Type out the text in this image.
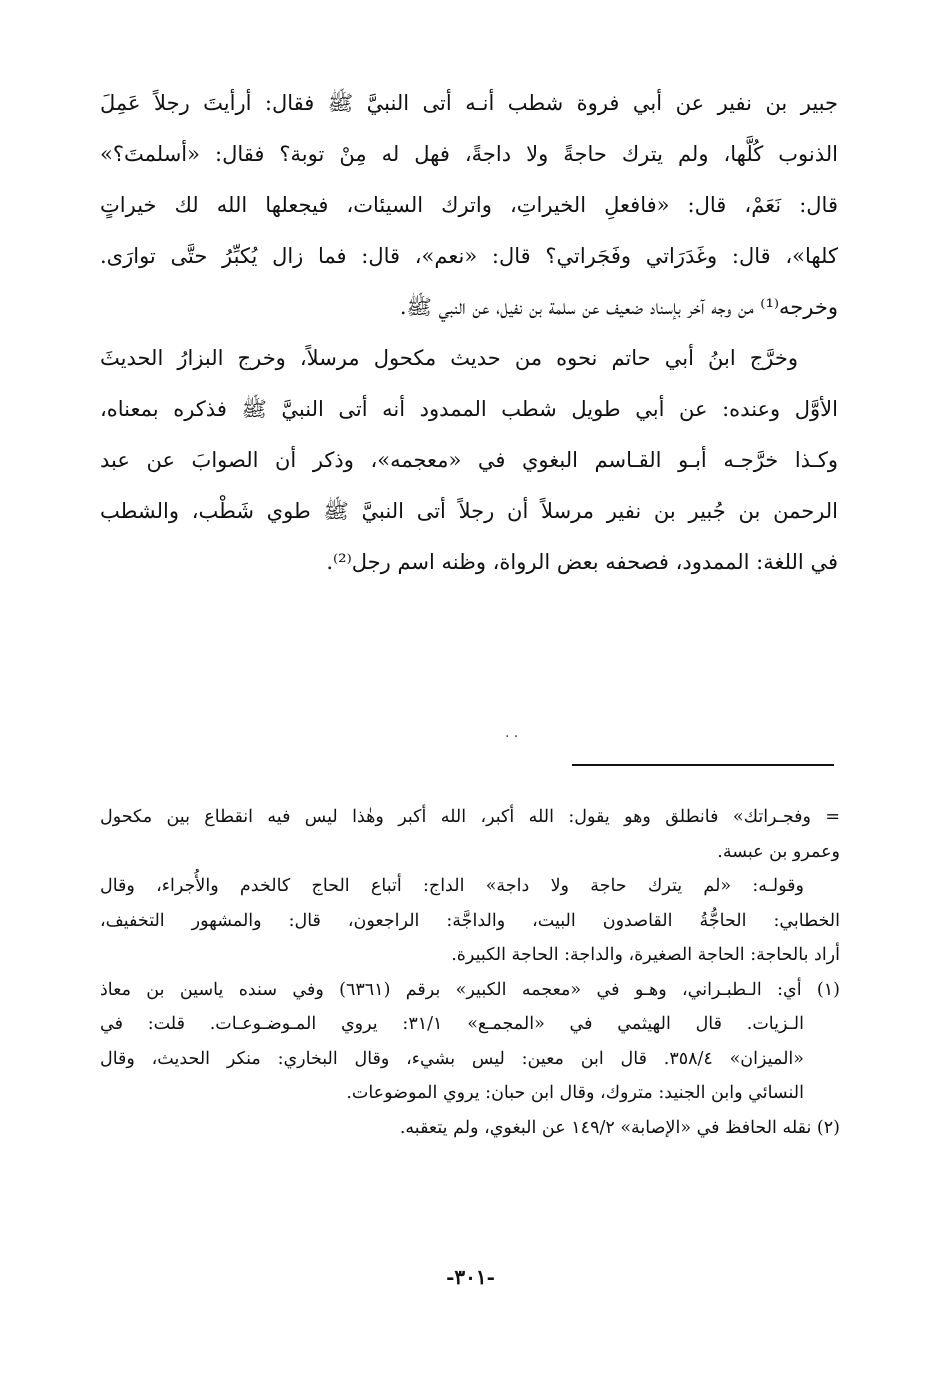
جبير بن نفير عن أبي فروة شطب أنـه أتى النبيَّ ﷺ فقال: أرأيتَ رجلاً عَمِلَ
الذنوب كُلَّها، ولم يترك حاجةً ولا داجةً، فهل له مِنْ توبة؟ فقال: «أسلمتَ؟»
قال: نَعَمْ، قال: «فافعلِ الخيراتِ، واترك السيئات، فيجعلها الله لك خيراتٍ
كلها»، قال: وغَدَرَاتي وفَجَراتي؟ قال: «نعم»، قال: فما زال يُكبِّرُ حتَّى توارَى.
وخرجه⁽¹⁾ من وجه آخر بإسناد ضعيف عن سلمة بن نفيل، عن النبي ﷺ.
وخرَّج ابنُ أبي حاتم نحوه من حديث مكحول مرسلاً، وخرج البزارُ الحديثَ
الأوَّل وعنده: عن أبي طويل شطب الممدود أنه أتى النبيَّ ﷺ فذكره بمعناه،
وكـذا خرَّجـه أبـو القـاسم البغوي في «معجمه»، وذكر أن الصوابَ عن عبد
الرحمن بن جُبير بن نفير مرسلاً أن رجلاً أتى النبيَّ ﷺ طوي شَطْب، والشطب
في اللغة: الممدود، فصحفه بعض الرواة، وظنه اسم رجل⁽²⁾.
· ·
= وفجـراتك» فانطلق وهو يقول: الله أكبر، الله أكبر وهٰذا ليس فيه انقطاع بين مكحول
وعمرو بن عبسة.
وقولـه: «لم يترك حاجة ولا داجة» الداج: أتباع الحاج كالخدم والأُجراء، وقال
الخطابي: الحاجُّةُ القاصدون البيت، والداجَّة: الراجعون، قال: والمشهور التخفيف،
أراد بالحاجة: الحاجة الصغيرة، والداجة: الحاجة الكبيرة.
(١) أي: الـطبـراني، وهـو في «معجمه الكبير» برقم (٦٣٦١) وفي سنده ياسين بن معاذ
الـزيات. قال الهيثمي في «المجمـع» ٣١/١: يروي المـوضـوعـات. قلت: في
«الميزان» ٣٥٨/٤. قال ابن معين: ليس بشيء، وقال البخاري: منكر الحديث، وقال
النسائي وابن الجنيد: متروك، وقال ابن حبان: يروي الموضوعات.
(٢) نقله الحافظ في «الإصابة» ١٤٩/٢ عن البغوي، ولم يتعقبه.
-٣٠١-
